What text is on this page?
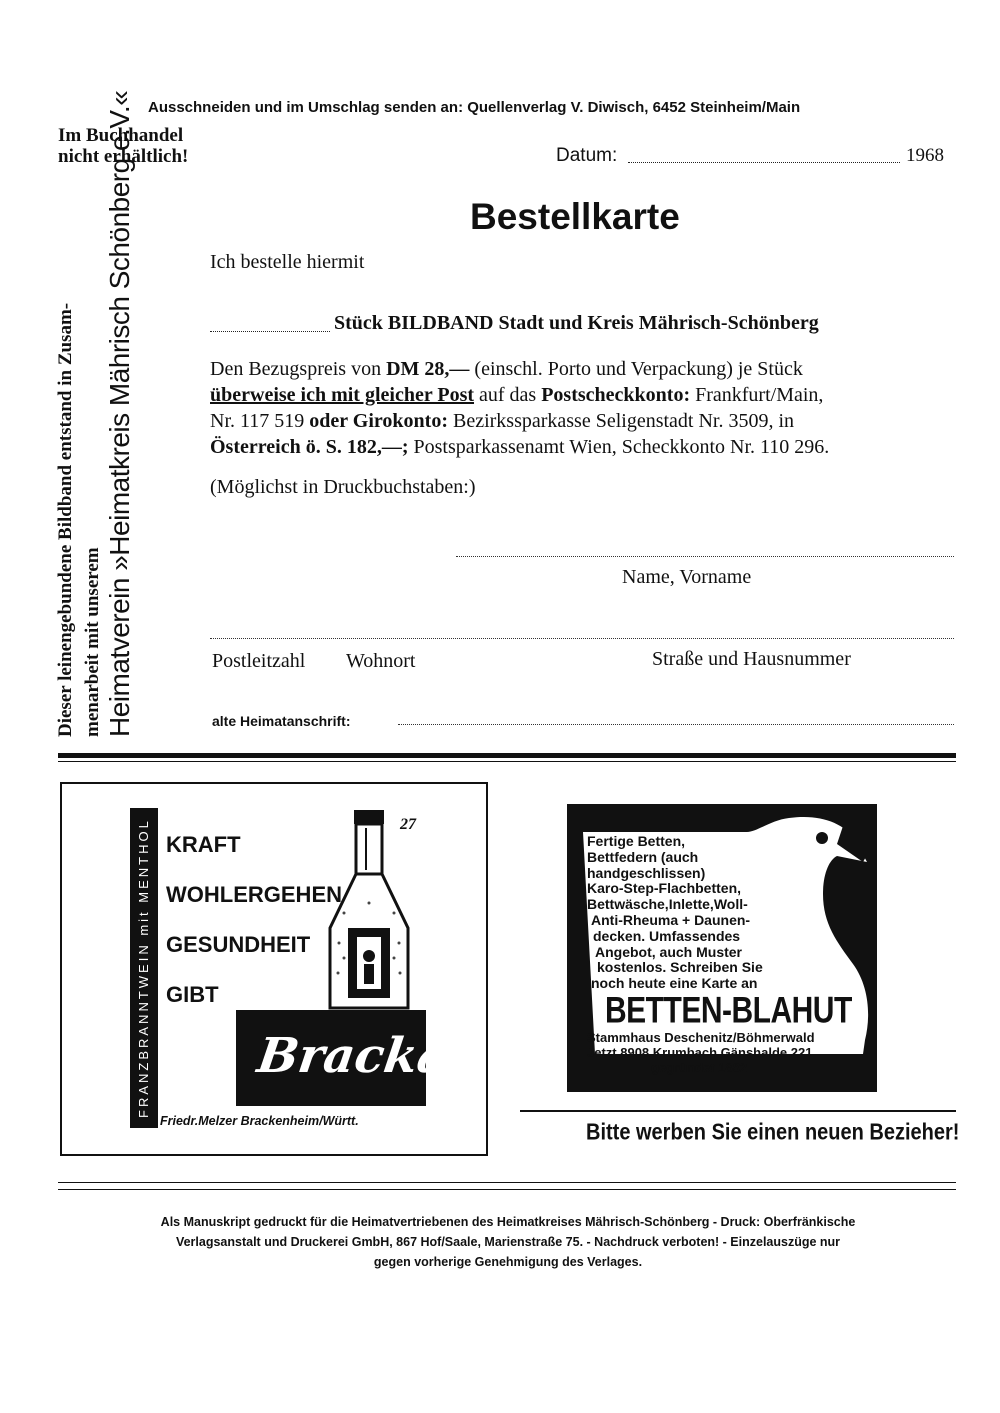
Ausschneiden und im Umschlag senden an: Quellenverlag V. Diwisch, 6452 Steinheim/Main
Im Buchhandel
nicht erhältlich!	Datum:	1968
Dieser leinengebundene Bildband entstand in Zusam- menarbeit mit unserem Heimatverein »Heimatkreis Mährisch Schönberg e.V.«	Bestellkarte
Ich bestelle hiermit
Stück BILDBAND Stadt und Kreis Mährisch-Schönberg
Den Bezugspreis von DM 28,— (einschl. Porto und Verpackung) je Stück
überweise ich mit gleicher Post auf das Postscheckkonto: Frankfurt/Main,
Nr. 117 519 oder Girokonto: Bezirkssparkasse Seligenstadt Nr. 3509, in
Österreich ö. S. 182,—; Postsparkassenamt Wien, Scheckkonto Nr. 110 296.
(Möglichst in Druckbuchstaben:)
Name, Vorname
Postleitzahl Wohnort	Straße und Hausnummer
alte Heimatanschrift:
FRANZBRANNTWEIN mit MENTHOL KRAFT
WOHLERGEHEN
GESUNDHEIT
GIBT
27
Brackal
Friedr.Melzer Brackenheim/Württ.
Fertige Betten,
Bettfedern (auch
handgeschlissen)
Karo-Step-Flachbetten,
Bettwäsche,Inlette,Woll-
Anti-Rheuma + Daunen-
decken. Umfassendes
Angebot, auch Muster
kostenlos. Schreiben Sie
noch heute eine Karte an
BETTEN-BLAHUT
Stammhaus Deschenitz/Böhmerwald
Jetzt 8908 Krumbach Gänshalde 221
gegründet 1882
Bitte werben Sie einen neuen Bezieher!
Als Manuskript gedruckt für die Heimatvertriebenen des Heimatkreises Mährisch-Schönberg - Druck: Oberfränkische
Verlagsanstalt und Druckerei GmbH, 867 Hof/Saale, Marienstraße 75. - Nachdruck verboten! - Einzelauszüge nur
gegen vorherige Genehmigung des Verlages.
